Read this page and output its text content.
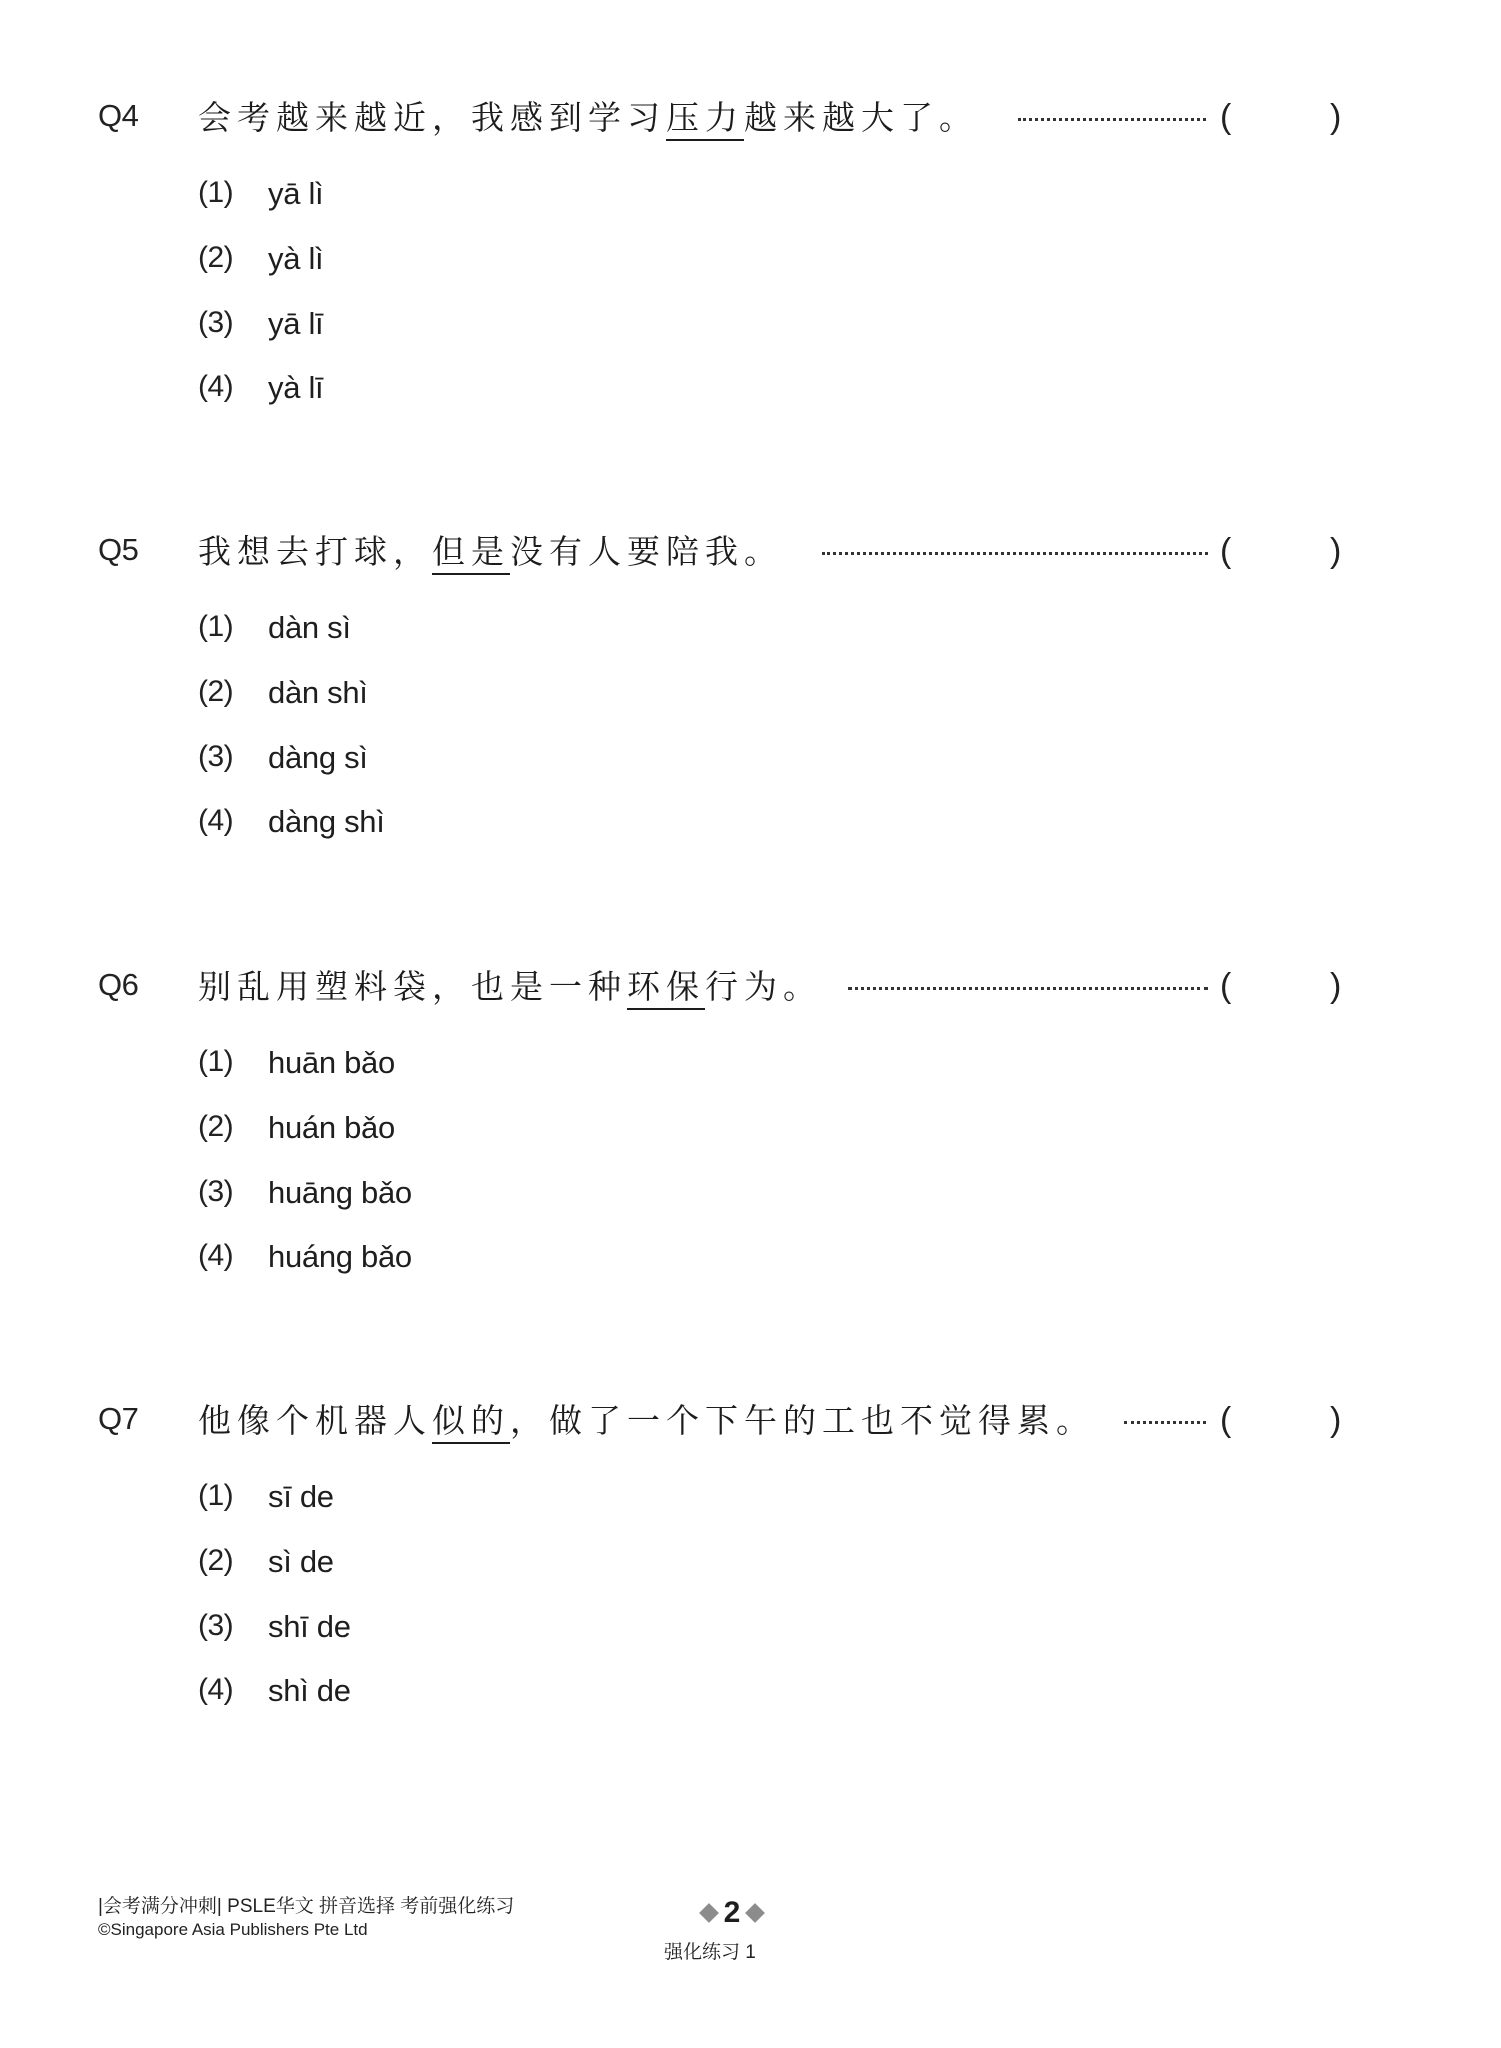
Q4 会考越来越近，我感到学习压力越来越大了。	(	)
(1) yā lì
(2) yà lì
(3) yā lī
(4) yà lī
Q5 我想去打球，但是没有人要陪我。	(	)
(1) dàn sì
(2) dàn shì
(3) dàng sì
(4) dàng shì
Q6 别乱用塑料袋，也是一种环保行为。	(	)
(1) huān bǎo
(2) huán bǎo
(3) huāng bǎo
(4) huáng bǎo
Q7 他像个机器人似的，做了一个下午的工也不觉得累。	(	)
(1) sī de
(2) sì de
(3) shī de
(4) shì de
|会考满分冲刺| PSLE华文 拼音选择 考前强化练习
©Singapore Asia Publishers Pte Ltd
2
强化练习 1
